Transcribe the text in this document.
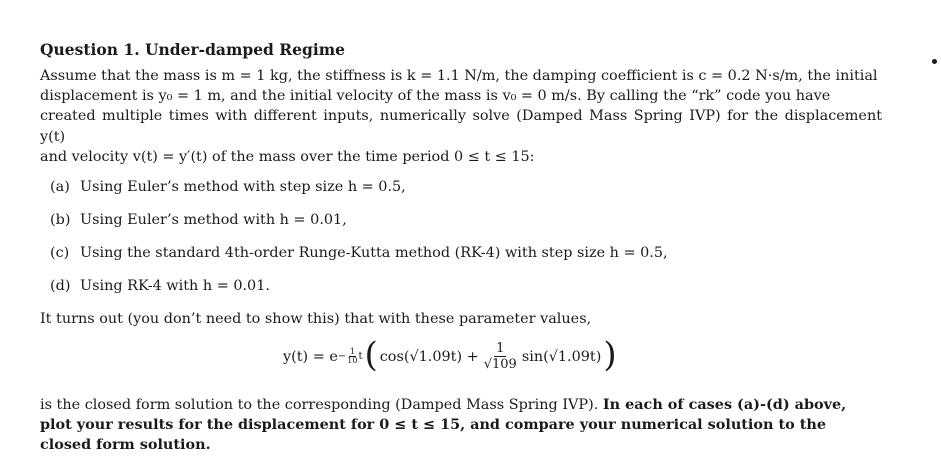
Question 1. Under-damped Regime

Assume that the mass is m = 1 kg, the stiffness is k = 1.1 N/m, the damping coefficient is c = 0.2 N·s/m, the initial
displacement is y₀ = 1 m, and the initial velocity of the mass is v₀ = 0 m/s. By calling the “rk” code you have
created multiple times with different inputs, numerically solve (Damped Mass Spring IVP) for the displacement y(t)
and velocity v(t) = y′(t) of the mass over the time period 0 ≤ t ≤ 15:

(a) Using Euler’s method with step size h = 0.5,
(b) Using Euler’s method with h = 0.01,
(c) Using the standard 4th-order Runge-Kutta method (RK-4) with step size h = 0.5,
(d) Using RK-4 with h = 0.01.

It turns out (you don’t need to show this) that with these parameter values,

$y(t) = e - \frac{1}{10}$ t ( $\cos(√1.09t) + \frac{1}{√109} \sin(√1.09t)$ )

is the closed form solution to the corresponding (Damped Mass Spring IVP). In each of cases (a)-(d) above,
plot your results for the displacement for 0 ≤ t ≤ 15, and compare your numerical solution to the
closed form solution.
